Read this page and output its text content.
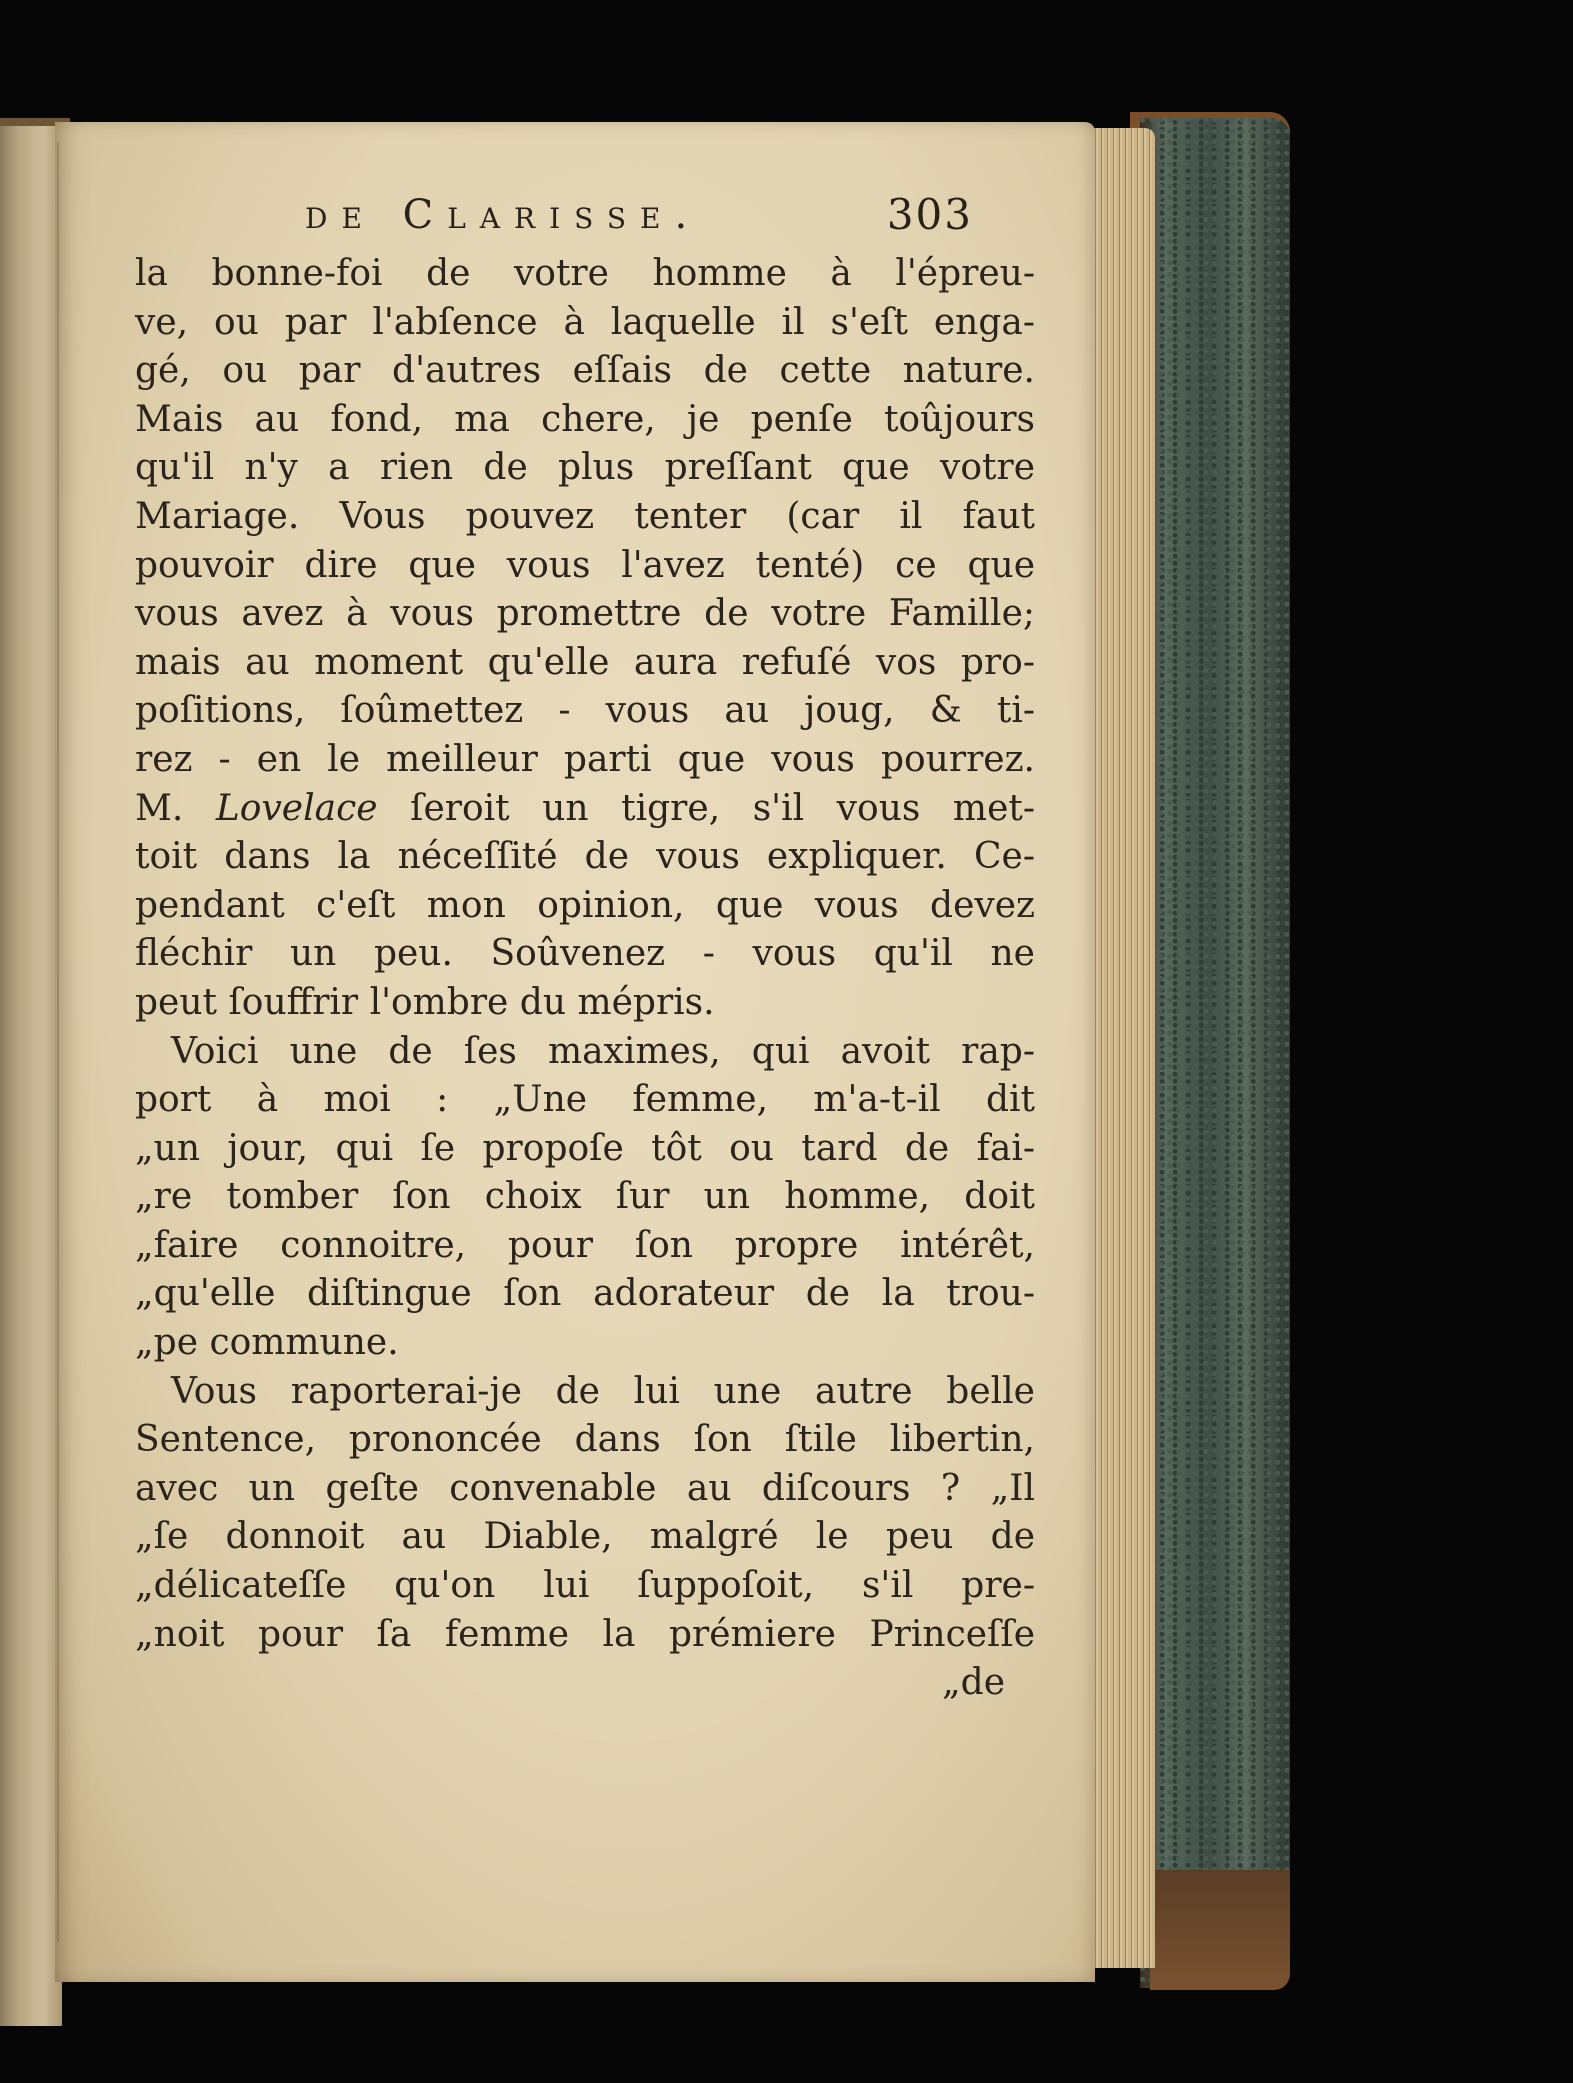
de Clarisse.	303
la bonne-foi de votre homme à l'épreu-
ve, ou par l'abſence à laquelle il s'eſt enga-
gé, ou par d'autres eſſais de cette nature.
Mais au fond, ma chere, je penſe toûjours
qu'il n'y a rien de plus preſſant que votre
Mariage. Vous pouvez tenter (car il faut
pouvoir dire que vous l'avez tenté) ce que
vous avez à vous promettre de votre Famille;
mais au moment qu'elle aura refuſé vos pro-
poſitions, ſoûmettez - vous au joug, & ti-
rez - en le meilleur parti que vous pourrez.
M. Lovelace ſeroit un tigre, s'il vous met-
toit dans la néceſſité de vous expliquer. Ce-
pendant c'eſt mon opinion, que vous devez
fléchir un peu. Soûvenez - vous qu'il ne
peut ſouffrir l'ombre du mépris.
Voici une de ſes maximes, qui avoit rap-
port à moi : „Une femme, m'a-t-il dit
„un jour, qui ſe propoſe tôt ou tard de fai-
„re tomber ſon choix ſur un homme, doit
„faire connoitre, pour ſon propre intérêt,
„qu'elle diſtingue ſon adorateur de la trou-
„pe commune.
Vous raporterai-je de lui une autre belle
Sentence, prononcée dans ſon ſtile libertin,
avec un geſte convenable au diſcours ? „Il
„ſe donnoit au Diable, malgré le peu de
„délicateſſe qu'on lui ſuppoſoit, s'il pre-
„noit pour ſa femme la prémiere Princeſſe
„de
